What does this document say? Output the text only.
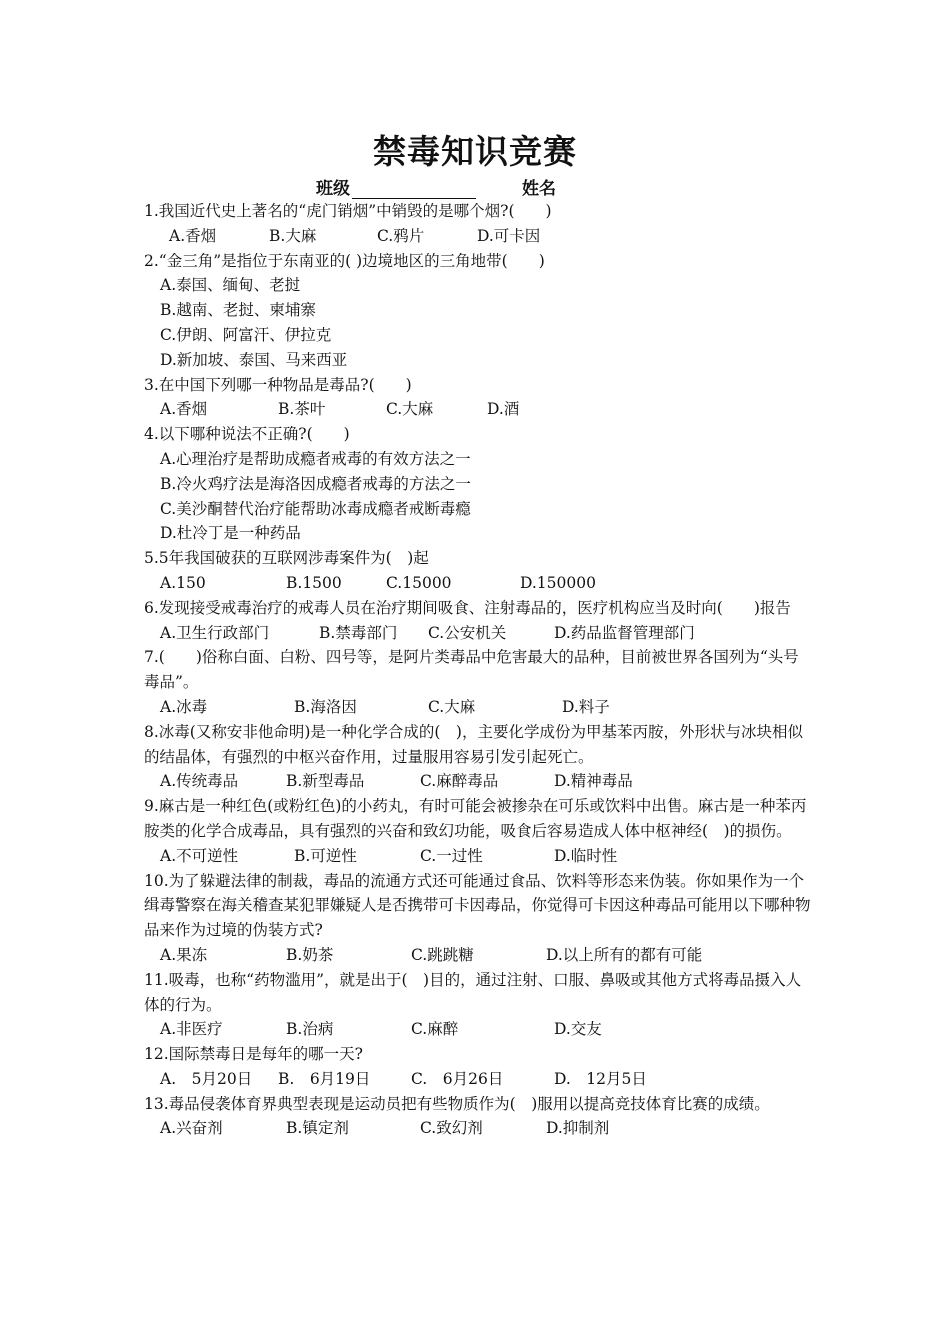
禁毒知识竞赛
班级	姓名
1.我国近代史上著名的“虎门销烟”中销毁的是哪个烟?(　　)
A.香烟	B.大麻	C.鸦片	D.可卡因
2.“金三角”是指位于东南亚的( )边境地区的三角地带(　　)
A.泰国、缅甸、老挝
B.越南、老挝、柬埔寨
C.伊朗、阿富汗、伊拉克
D.新加坡、泰国、马来西亚
3.在中国下列哪一种物品是毒品?(　　)
A.香烟	B.茶叶	C.大麻	D.酒
4.以下哪种说法不正确?(　　)
A.心理治疗是帮助成瘾者戒毒的有效方法之一
B.冷火鸡疗法是海洛因成瘾者戒毒的方法之一
C.美沙酮替代治疗能帮助冰毒成瘾者戒断毒瘾
D.杜冷丁是一种药品
5.5年我国破获的互联网涉毒案件为(　)起
A.150	B.1500	C.15000	D.150000
6.发现接受戒毒治疗的戒毒人员在治疗期间吸食、注射毒品的，医疗机构应当及时向(　　)报告
A.卫生行政部门	B.禁毒部门 C.公安机关	D.药品监督管理部门
7.(　　)俗称白面、白粉、四号等，是阿片类毒品中危害最大的品种，目前被世界各国列为“头号毒品”。
A.冰毒	B.海洛因	C.大麻	D.料子
8.冰毒(又称安非他命明)是一种化学合成的(　)，主要化学成份为甲基苯丙胺，外形状与冰块相似的结晶体，有强烈的中枢兴奋作用，过量服用容易引发引起死亡。
A.传统毒品	B.新型毒品	C.麻醉毒品	D.精神毒品
9.麻古是一种红色(或粉红色)的小药丸，有时可能会被掺杂在可乐或饮料中出售。麻古是一种苯丙胺类的化学合成毒品，具有强烈的兴奋和致幻功能，吸食后容易造成人体中枢神经(　)的损伤。
A.不可逆性	B.可逆性	C.一过性	D.临时性
10.为了躲避法律的制裁，毒品的流通方式还可能通过食品、饮料等形态来伪装。你如果作为一个缉毒警察在海关稽查某犯罪嫌疑人是否携带可卡因毒品，你觉得可卡因这种毒品可能用以下哪种物品来作为过境的伪装方式?
A.果冻	B.奶茶	C.跳跳糖	D.以上所有的都有可能
11.吸毒，也称“药物滥用”，就是出于(　)目的，通过注射、口服、鼻吸或其他方式将毒品摄入人体的行为。
A.非医疗	B.治病	C.麻醉	D.交友
12.国际禁毒日是每年的哪一天?
A.　5月20日 B.　6月19日	C.　6月26日	D.　12月5日
13.毒品侵袭体育界典型表现是运动员把有些物质作为(　)服用以提高竞技体育比赛的成绩。
A.兴奋剂	B.镇定剂	C.致幻剂	D.抑制剂
